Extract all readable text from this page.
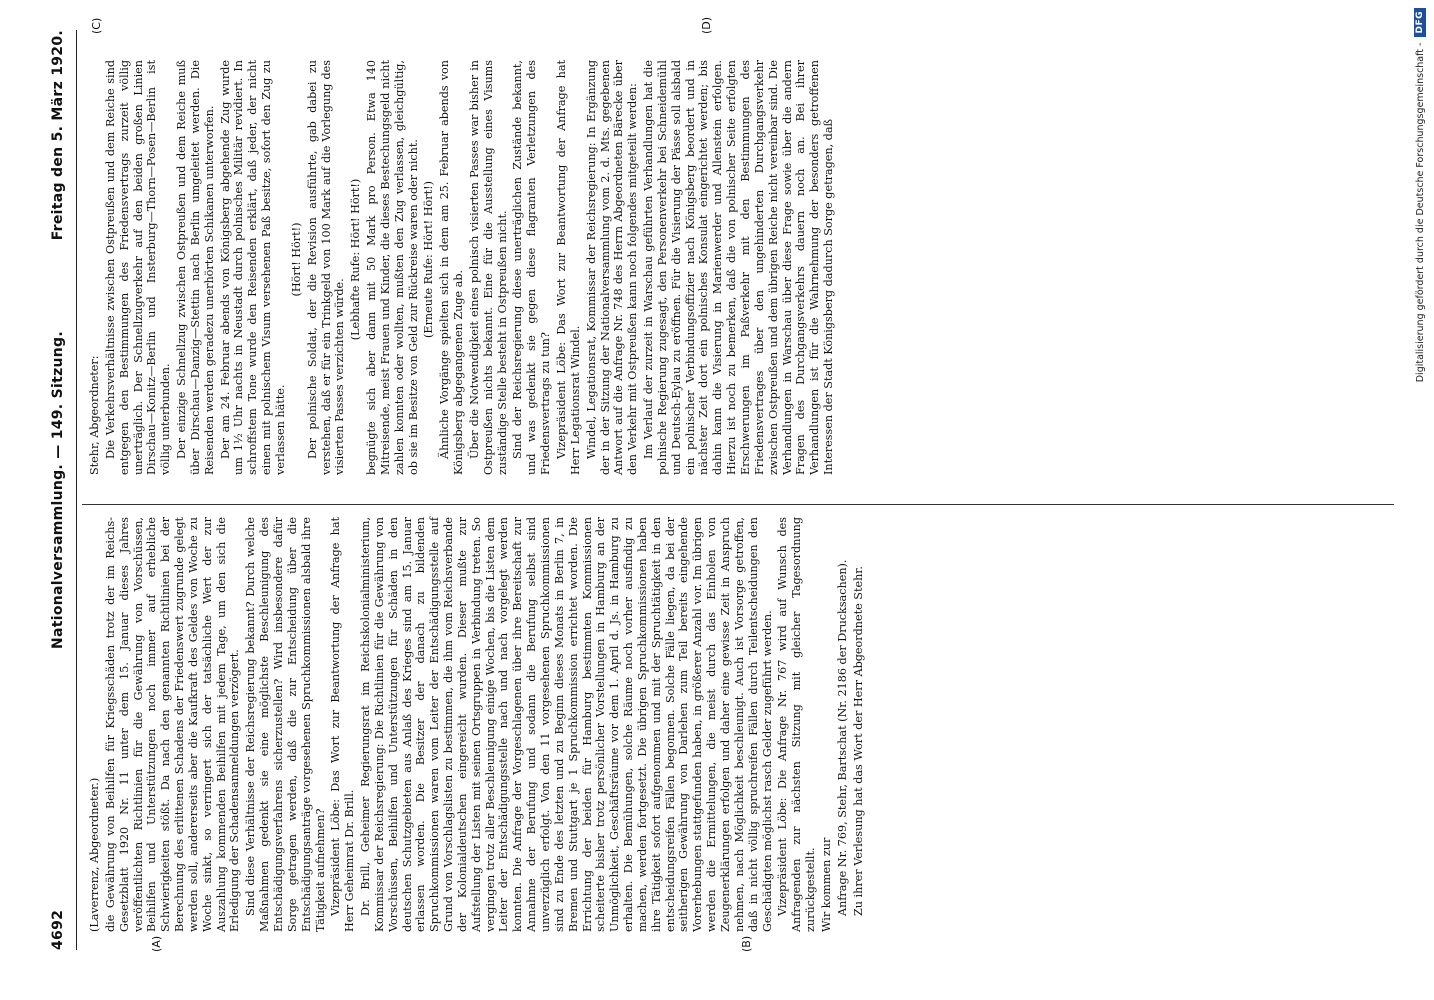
4692
Nationalversammlung. — 149. Sitzung.
Freitag den 5. März 1920.
(A)	(B)
(C)	(D)

(Laverrenz, Abgeordneter.) die Gewährung von Beihilfen für Kriegsschäden trotz der im Reichs-Gesetzblatt 1920 Nr. 11 unter dem 15. Januar dieses Jahres veröffentlichten Richtlinien für die Gewährung von Vorschüssen, Beihilfen und Unterstützungen noch immer auf erhebliche Schwierigkeiten stößt. Da nach den genannten Richtlinien bei der Berechnung des erlittenen Schadens der Friedenswert zugrunde gelegt werden soll, andererseits aber die Kaufkraft des Geldes von Woche zu Woche sinkt, so verringert sich der tatsächliche Wert der zur Auszahlung kommenden Beihilfen mit jedem Tage, um den sich die Erledigung der Schadensanmeldungen verzögert. Sind diese Verhältnisse der Reichsregierung bekannt? Durch welche Maßnahmen gedenkt sie eine möglichste Beschleunigung des Entschädigungsverfahrens sicherzustellen? Wird insbesondere dafür Sorge getragen werden, daß die zur Entscheidung über die Entschädigungsanträge vorgesehenen Spruchkommissionen alsbald ihre Tätigkeit aufnehmen? Vizepräsident Löbe: Das Wort zur Beantwortung der Anfrage hat Herr Geheimrat Dr. Brill. Dr. Brill, Geheimer Regierungsrat im Reichskolonialministerium, Kommissar der Reichsregierung: Die Richtlinien für die Gewährung von Vorschüssen, Beihilfen und Unterstützungen für Schäden in den deutschen Schutzgebieten aus Anlaß des Krieges sind am 15. Januar erlassen worden. Die Besitzer der danach zu bildenden Spruchkommissionen waren vom Leiter der Entschädigungsstelle auf Grund von Vorschlagslisten zu bestimmen, die ihm vom Reichsverbande der Kolonialdeutschen eingereicht wurden. Dieser mußte zur Aufstellung der Listen mit seinen Ortsgruppen in Verbindung treten. So vergingen trotz aller Beschleunigung einige Wochen, bis die Listen dem Leiter der Entschädigungsstelle nach und nach vorgelegt werden konnten. Die Anfrage der Vorgeschlagenen über ihre Bereitschaft zur Annahme der Berufung und sodann die Berufung selbst sind unverzüglich erfolgt. Von den 11 vorgesehenen Spruchkommissionen sind zu Ende des letzten und zu Beginn dieses Monats in Berlin 7, in Bremen und Stuttgart je 1 Spruchkommission errichtet worden. Die Errichtung der beiden für Hamburg bestimmten Kommissionen scheiterte bisher trotz persönlicher Vorstellungen in Hamburg an der Unmöglichkeit, Geschäftsräume vor dem 1. April d. Js. in Hamburg zu erhalten. Die Bemühungen, solche Räume noch vorher ausfindig zu machen, werden fortgesetzt. Die übrigen Spruchkommissionen haben ihre Tätigkeit sofort aufgenommen und mit der Spruchtätigkeit in den entscheidungsreifen Fällen begonnen. Solche Fälle liegen, da bei der seitherigen Gewährung von Darlehen zum Teil bereits eingehende Vorerhebungen stattgefunden haben, in größerer Anzahl vor. Im übrigen werden die Ermittelungen, die meist durch das Einholen von Zeugenerklärungen erfolgen und daher eine gewisse Zeit in Anspruch nehmen, nach Möglichkeit beschleunigt. Auch ist Vorsorge getroffen, daß in nicht völlig spruchreifen Fällen durch Teilentscheidungen den Geschädigten möglichst rasch Gelder zugeführt werden. Vizepräsident Löbe: Die Anfrage Nr. 767 wird auf Wunsch des Anfragenden zur nächsten Sitzung mit gleicher Tagesordnung zurückgestellt. Wir kommen zur Anfrage Nr. 769, Stehr, Bartschat (Nr. 2186 der Drucksachen). Zu ihrer Verlesung hat das Wort der Herr Abgeordnete Stehr.

Stehr, Abgeordneter: Die Verkehrsverhältnisse zwischen Ostpreußen und dem Reiche sind entgegen den Bestimmungen des Friedensvertrags zurzeit völlig unerträglich. Der Schnellzugverkehr auf den beiden großen Linien Dirschau—Konitz—Berlin und Insterburg—Thorn—Posen—Berlin ist völlig unterbunden. Der einzige Schnellzug zwischen Ostpreußen und dem Reiche muß über Dirschau—Danzig—Stettin nach Berlin umgeleitet werden. Die Reisenden werden geradezu unerhörten Schikanen unterworfen. Der am 24. Februar abends von Königsberg abgehende Zug wurde um 1½ Uhr nachts in Neustadt durch polnisches Militär revidiert. In schroffstem Tone wurde den Reisenden erklärt, daß jeder, der nicht einen mit polnischem Visum versehenen Paß besitze, sofort den Zug zu verlassen hätte.

(Hört! Hört!) Der polnische Soldat, der die Revision ausführte, gab dabei zu verstehen, daß er für ein Trinkgeld von 100 Mark auf die Vorlegung des visierten Passes verzichten würde.

(Lebhafte Rufe: Hört! Hört!) begnügte sich aber dann mit 50 Mark pro Person. Etwa 140 Mitreisende, meist Frauen und Kinder, die dieses Bestechungsgeld nicht zahlen konnten oder wollten, mußten den Zug verlassen, gleichgültig, ob sie im Besitze von Geld zur Rückreise waren oder nicht. (Erneute Rufe: Hört! Hört!) Ähnliche Vorgänge spielten sich in dem am 25. Februar abends von Königsberg abgegangenen Zuge ab. Über die Notwendigkeit eines polnisch visierten Passes war bisher in Ostpreußen nichts bekannt. Eine für die Ausstellung eines Visums zuständige Stelle besteht in Ostpreußen nicht. Sind der Reichsregierung diese unerträglichen Zustände bekannt, und was gedenkt sie gegen diese flagranten Verletzungen des Friedensvertrags zu tun? Vizepräsident Löbe: Das Wort zur Beantwortung der Anfrage hat Herr Legationsrat Windel. Windel, Legationsrat, Kommissar der Reichsregierung: In Ergänzung der in der Sitzung der Nationalversammlung vom 2. d. Mts. gegebenen Antwort auf die Anfrage Nr. 748 des Herrn Abgeordneten Bärecke über den Verkehr mit Ostpreußen kann noch folgendes mitgeteilt werden: Im Verlauf der zurzeit in Warschau geführten Verhandlungen hat die polnische Regierung zugesagt, den Personenverkehr bei Schneidemühl und Deutsch-Eylau zu eröffnen. Für die Visierung der Pässe soll alsbald ein polnischer Verbindungsoffizier nach Königsberg beordert und in nächster Zeit dort ein polnisches Konsulat eingerichtet werden; bis dahin kann die Visierung in Marienwerder und Allenstein erfolgen. Hierzu ist noch zu bemerken, daß die von polnischer Seite erfolgten Erschwerungen im Paßverkehr mit den Bestimmungen des Friedensvertrages über den ungehinderten Durchgangsverkehr zwischen Ostpreußen und dem übrigen Reiche nicht vereinbar sind. Die Verhandlungen in Warschau über diese Frage sowie über die andern Fragen des Durchgangsverkehrs dauern noch an. Bei ihrer Verhandlungen ist für die Wahrnehmung der besonders getroffenen Interessen der Stadt Königsberg dadurch Sorge getragen, daß	Digitalisierung gefördert durch die Deutsche Forschungsgemeinschaft -
DFG
